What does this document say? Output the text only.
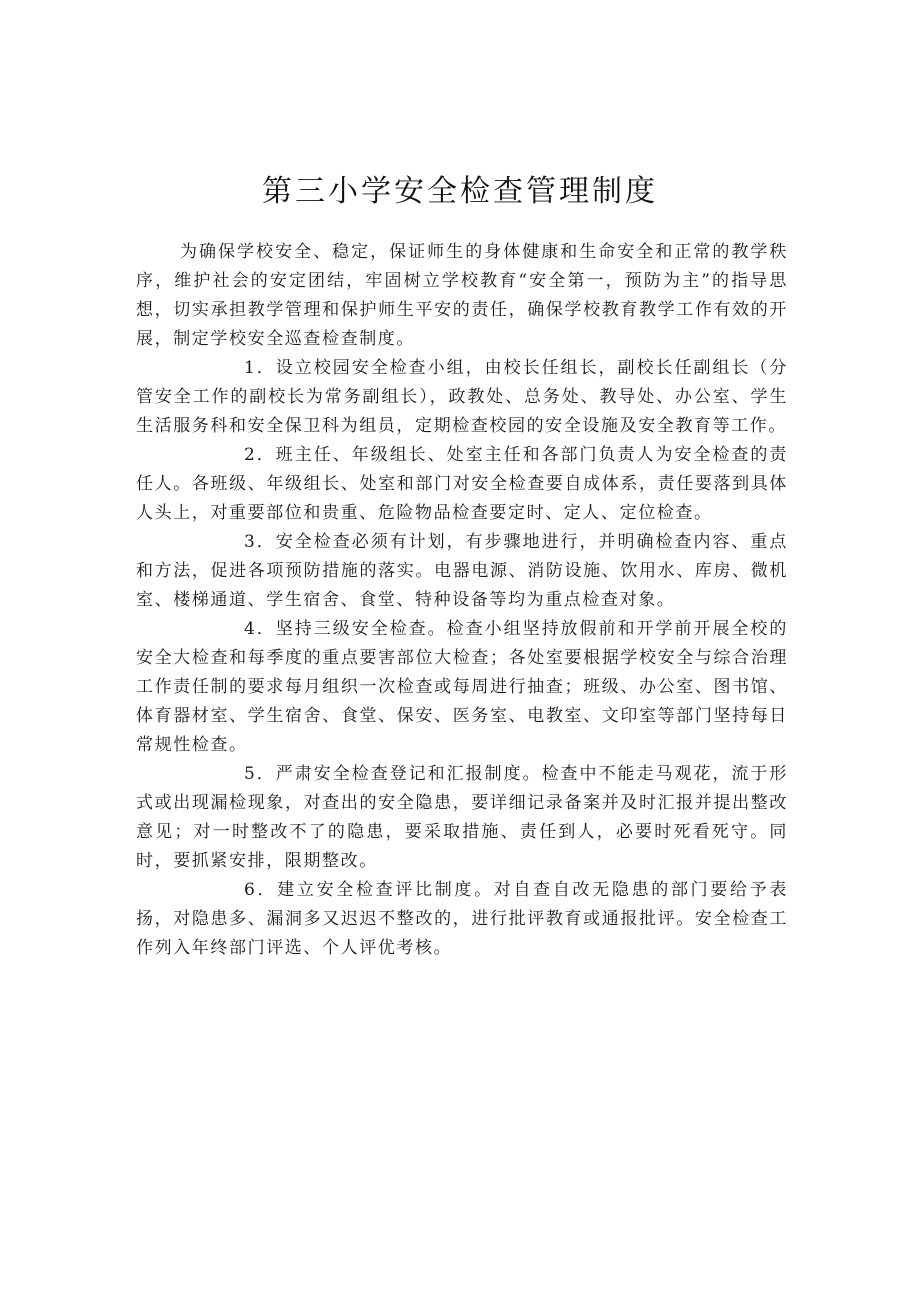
第三小学安全检查管理制度

为确保学校安全、稳定，保证师生的身体健康和生命安全和正常的教学秩序，维护社会的安定团结，牢固树立学校教育“安全第一，预防为主”的指导思想，切实承担教学管理和保护师生平安的责任，确保学校教育教学工作有效的开展，制定学校安全巡查检查制度。

1．设立校园安全检查小组，由校长任组长，副校长任副组长（分管安全工作的副校长为常务副组长），政教处、总务处、教导处、办公室、学生生活服务科和安全保卫科为组员，定期检查校园的安全设施及安全教育等工作。

2．班主任、年级组长、处室主任和各部门负责人为安全检查的责任人。各班级、年级组长、处室和部门对安全检查要自成体系，责任要落到具体人头上，对重要部位和贵重、危险物品检查要定时、定人、定位检查。

3．安全检查必须有计划，有步骤地进行，并明确检查内容、重点和方法，促进各项预防措施的落实。电器电源、消防设施、饮用水、库房、微机室、楼梯通道、学生宿舍、食堂、特种设备等均为重点检查对象。

4．坚持三级安全检查。检查小组坚持放假前和开学前开展全校的安全大检查和每季度的重点要害部位大检查；各处室要根据学校安全与综合治理工作责任制的要求每月组织一次检查或每周进行抽查；班级、办公室、图书馆、体育器材室、学生宿舍、食堂、保安、医务室、电教室、文印室等部门坚持每日常规性检查。

5．严肃安全检查登记和汇报制度。检查中不能走马观花，流于形式或出现漏检现象，对查出的安全隐患，要详细记录备案并及时汇报并提出整改意见；对一时整改不了的隐患，要采取措施、责任到人，必要时死看死守。同时，要抓紧安排，限期整改。

6．建立安全检查评比制度。对自查自改无隐患的部门要给予表扬，对隐患多、漏洞多又迟迟不整改的，进行批评教育或通报批评。安全检查工作列入年终部门评选、个人评优考核。
